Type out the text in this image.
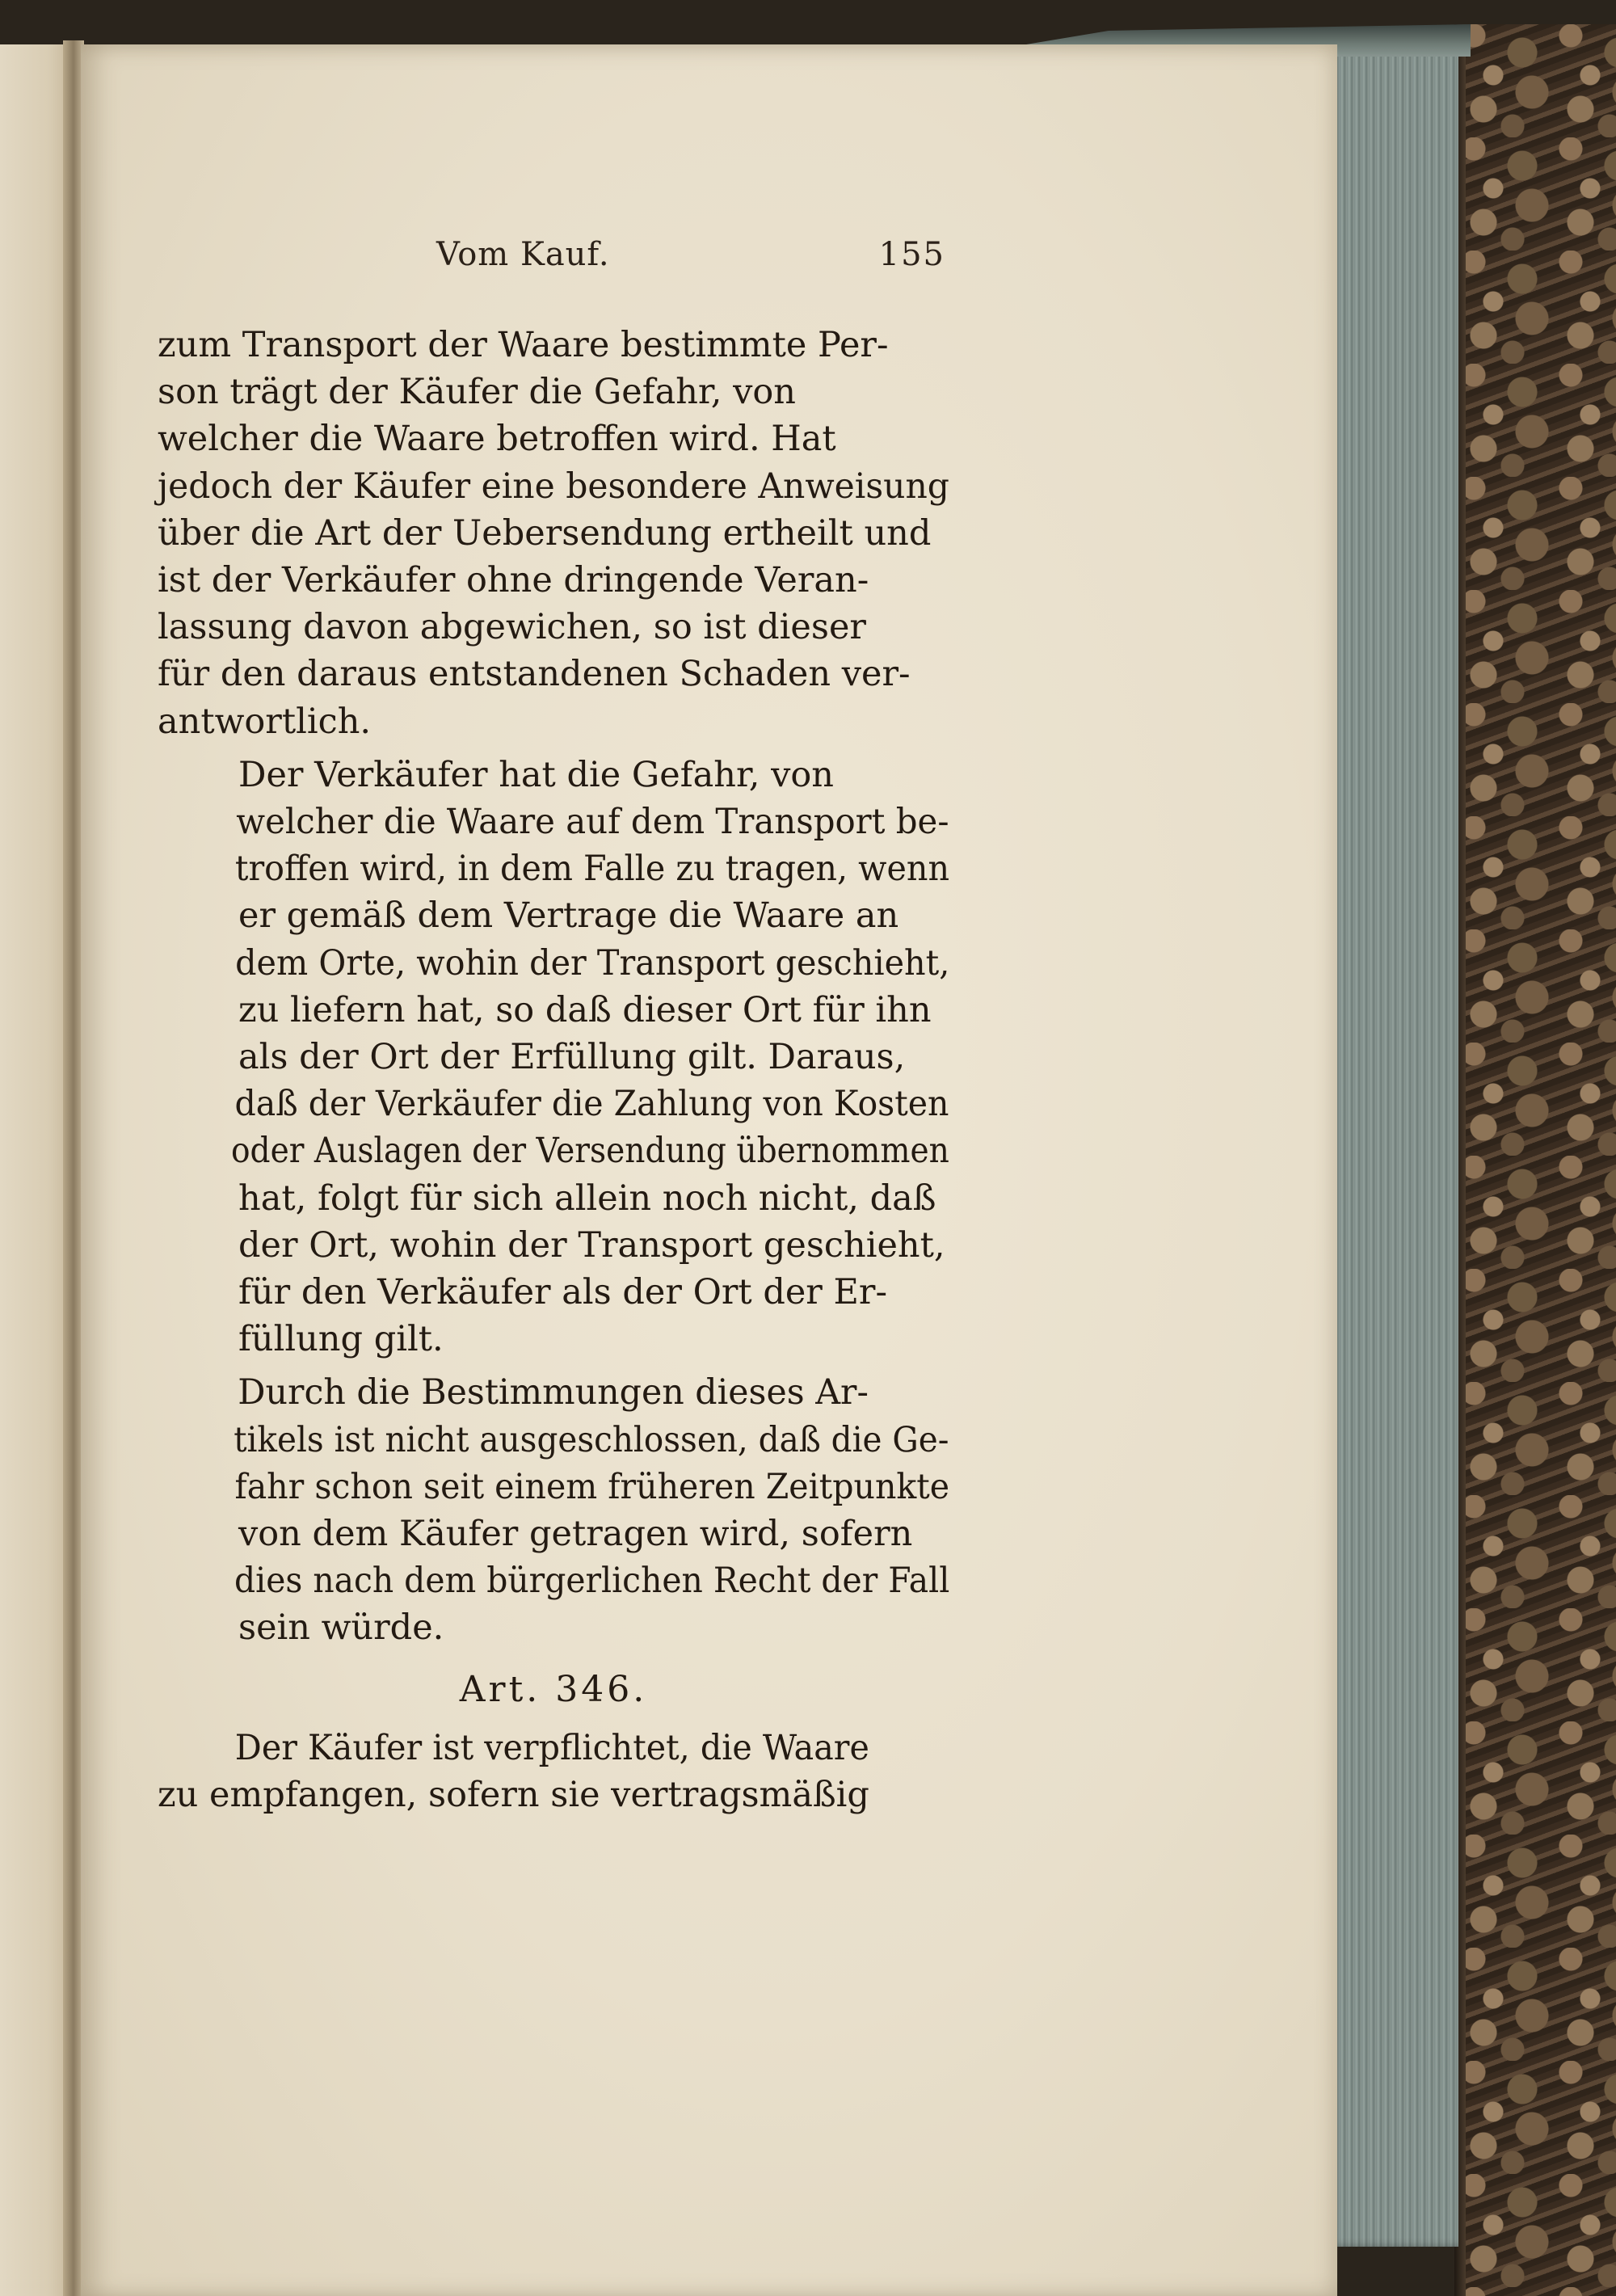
Vom Kauf.	155

zum Transport der Waare bestimmte Per-
son trägt der Käufer die Gefahr, von
welcher die Waare betroffen wird. Hat
jedoch der Käufer eine besondere Anweisung
über die Art der Uebersendung ertheilt und
ist der Verkäufer ohne dringende Veran-
lassung davon abgewichen, so ist dieser
für den daraus entstandenen Schaden ver-
antwortlich.

Der Verkäufer hat die Gefahr, von
welcher die Waare auf dem Transport be-
troffen wird, in dem Falle zu tragen, wenn
er gemäß dem Vertrage die Waare an
dem Orte, wohin der Transport geschieht,
zu liefern hat, so daß dieser Ort für ihn
als der Ort der Erfüllung gilt. Daraus,
daß der Verkäufer die Zahlung von Kosten
oder Auslagen der Versendung übernommen
hat, folgt für sich allein noch nicht, daß
der Ort, wohin der Transport geschieht,
für den Verkäufer als der Ort der Er-
füllung gilt.

Durch die Bestimmungen dieses Ar-
tikels ist nicht ausgeschlossen, daß die Ge-
fahr schon seit einem früheren Zeitpunkte
von dem Käufer getragen wird, sofern
dies nach dem bürgerlichen Recht der Fall
sein würde.

Art. 346.

Der Käufer ist verpflichtet, die Waare
zu empfangen, sofern sie vertragsmäßig
